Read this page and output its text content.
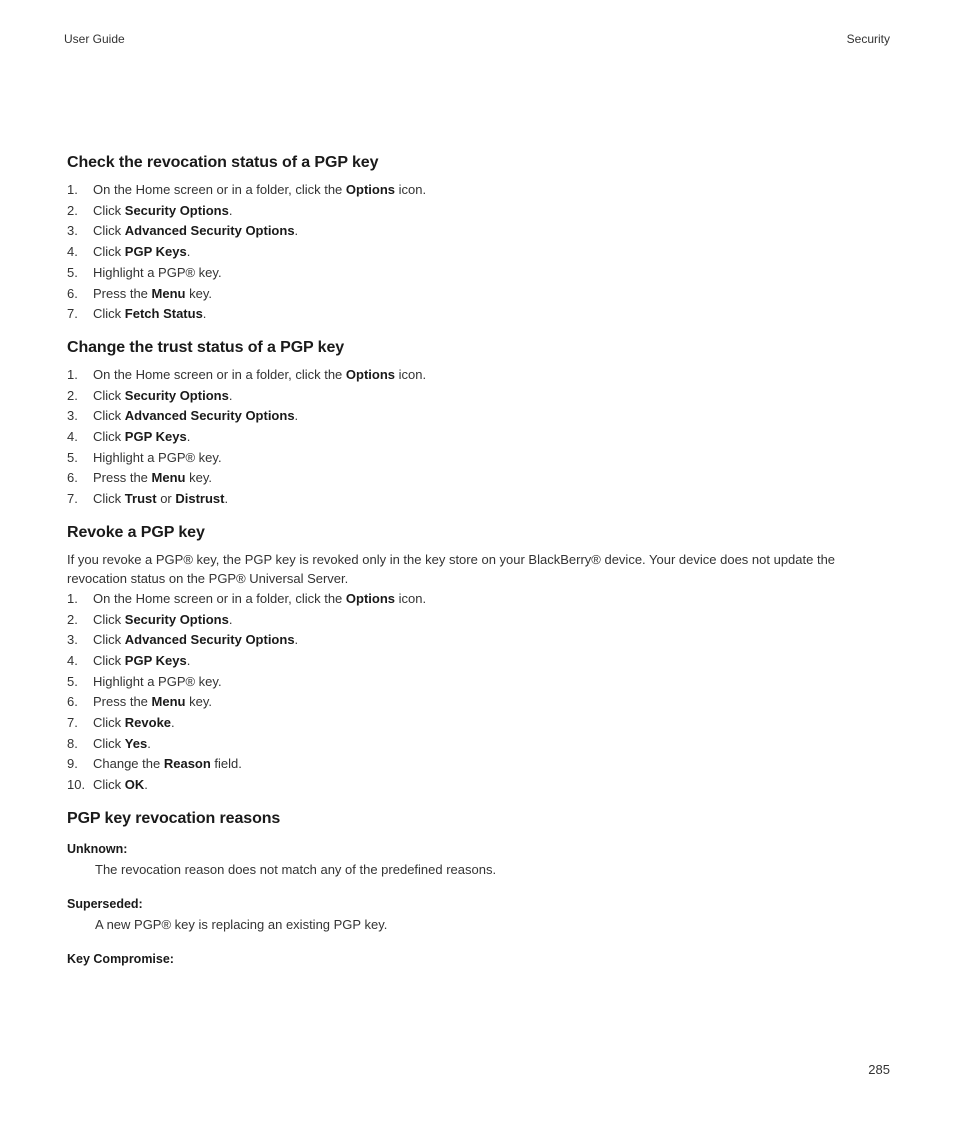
User Guide	Security
Check the revocation status of a PGP key
1.	On the Home screen or in a folder, click the Options icon.
2.	Click Security Options.
3.	Click Advanced Security Options.
4.	Click PGP Keys.
5.	Highlight a PGP® key.
6.	Press the Menu key.
7.	Click Fetch Status.
Change the trust status of a PGP key
1.	On the Home screen or in a folder, click the Options icon.
2.	Click Security Options.
3.	Click Advanced Security Options.
4.	Click PGP Keys.
5.	Highlight a PGP® key.
6.	Press the Menu key.
7.	Click Trust or Distrust.
Revoke a PGP key

If you revoke a PGP® key, the PGP key is revoked only in the key store on your BlackBerry® device. Your device does not update the revocation status on the PGP® Universal Server.

1.	On the Home screen or in a folder, click the Options icon.
2.	Click Security Options.
3.	Click Advanced Security Options.
4.	Click PGP Keys.
5.	Highlight a PGP® key.
6.	Press the Menu key.
7.	Click Revoke.
8.	Click Yes.
9.	Change the Reason field.
10. Click OK.
PGP key revocation reasons
Unknown:
The revocation reason does not match any of the predefined reasons.
Superseded:
A new PGP® key is replacing an existing PGP key.
Key Compromise:
285
